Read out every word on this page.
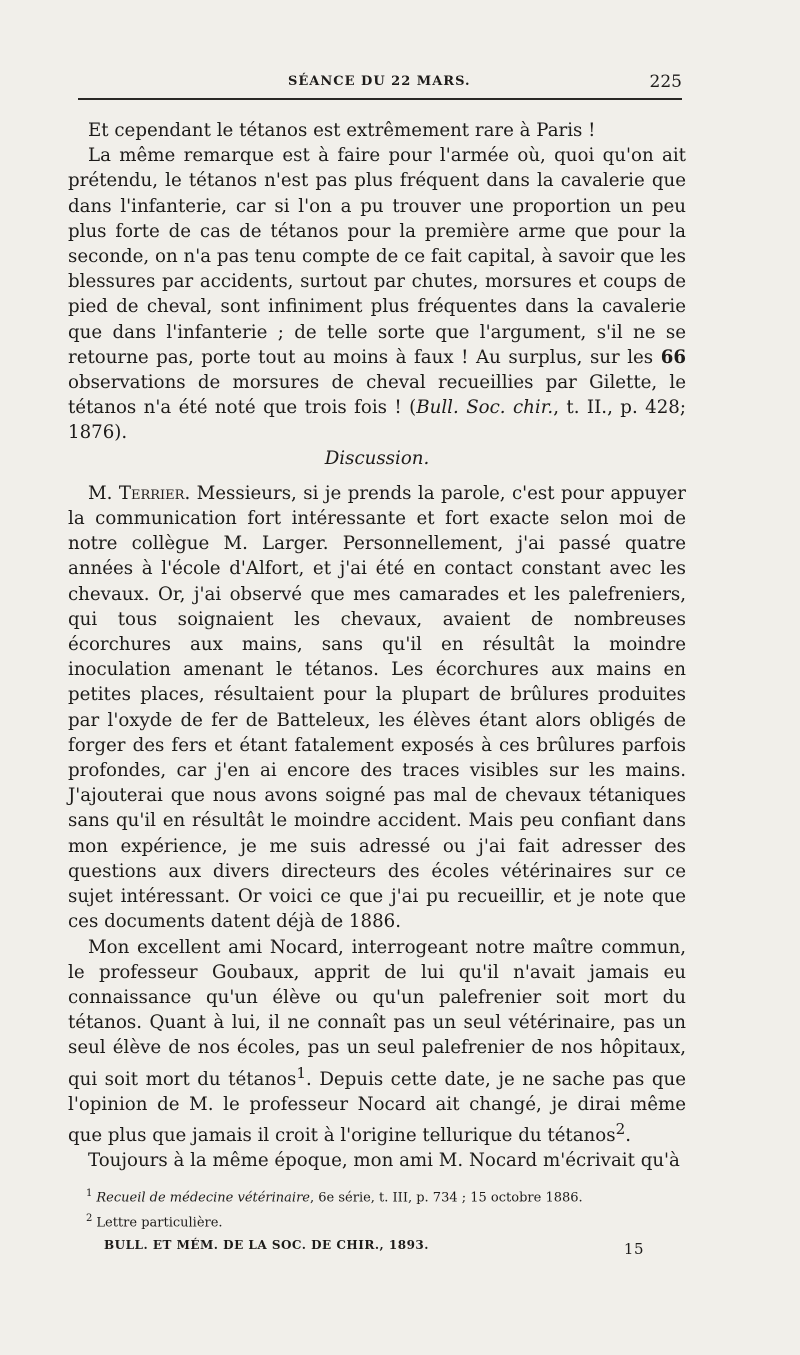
SÉANCE DU 22 MARS.	225

Et cependant le tétanos est extrêmement rare à Paris !

La même remarque est à faire pour l'armée où, quoi qu'on ait prétendu, le tétanos n'est pas plus fréquent dans la cavalerie que dans l'infanterie, car si l'on a pu trouver une proportion un peu plus forte de cas de tétanos pour la première arme que pour la seconde, on n'a pas tenu compte de ce fait capital, à savoir que les blessures par accidents, surtout par chutes, morsures et coups de pied de cheval, sont infiniment plus fréquentes dans la cavalerie que dans l'infanterie ; de telle sorte que l'argument, s'il ne se retourne pas, porte tout au moins à faux ! Au surplus, sur les 66 observations de morsures de cheval recueillies par Gilette, le tétanos n'a été noté que trois fois ! (Bull. Soc. chir., t. II., p. 428; 1876).

Discussion.

M. Terrier. Messieurs, si je prends la parole, c'est pour appuyer la communication fort intéressante et fort exacte selon moi de notre collègue M. Larger. Personnellement, j'ai passé quatre années à l'école d'Alfort, et j'ai été en contact constant avec les chevaux. Or, j'ai observé que mes camarades et les palefreniers, qui tous soignaient les chevaux, avaient de nombreuses écorchures aux mains, sans qu'il en résultât la moindre inoculation amenant le tétanos. Les écorchures aux mains en petites places, résultaient pour la plupart de brûlures produites par l'oxyde de fer de Batteleux, les élèves étant alors obligés de forger des fers et étant fatalement exposés à ces brûlures parfois profondes, car j'en ai encore des traces visibles sur les mains. J'ajouterai que nous avons soigné pas mal de chevaux tétaniques sans qu'il en résultât le moindre accident. Mais peu confiant dans mon expérience, je me suis adressé ou j'ai fait adresser des questions aux divers directeurs des écoles vétérinaires sur ce sujet intéressant. Or voici ce que j'ai pu recueillir, et je note que ces documents datent déjà de 1886.

Mon excellent ami Nocard, interrogeant notre maître commun, le professeur Goubaux, apprit de lui qu'il n'avait jamais eu connaissance qu'un élève ou qu'un palefrenier soit mort du tétanos. Quant à lui, il ne connaît pas un seul vétérinaire, pas un seul élève de nos écoles, pas un seul palefrenier de nos hôpitaux, qui soit mort du tétanos$^1$. Depuis cette date, je ne sache pas que l'opinion de M. le professeur Nocard ait changé, je dirai même que plus que jamais il croit à l'origine tellurique du tétanos$^2$.

Toujours à la même époque, mon ami M. Nocard m'écrivait qu'à

$^1$ Recueil de médecine vétérinaire, 6e série, t. III, p. 734 ; 15 octobre 1886.

$^2$ Lettre particulière.

BULL. ET MÉM. DE LA SOC. DE CHIR., 1893.	15
